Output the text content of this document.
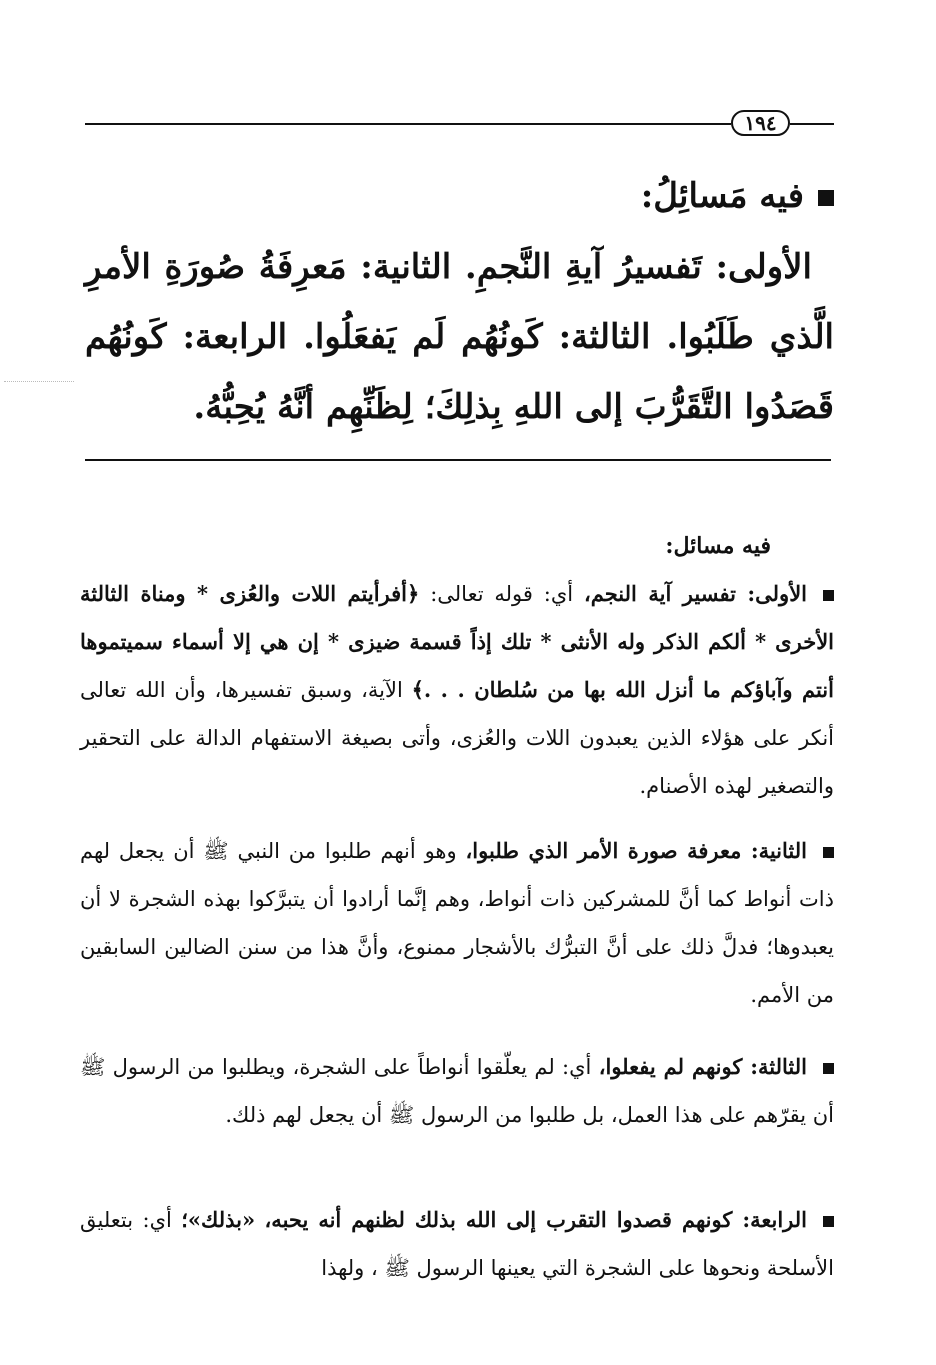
١٩٤
فيه مَسائِلُ:
الأولى: تَفسيرُ آيةِ النَّجمِ. الثانية: مَعرِفَةُ صُورَةِ الأمرِ الَّذي طَلَبُوا. الثالثة: كَونُهُم لَم يَفعَلُوا. الرابعة: كَونُهُم قَصَدُوا التَّقَرُّبَ إلى اللهِ بِذلِكَ؛ لِظَنِّهِم أنَّهُ يُحِبُّهُ.
فيه مسائل:
الأولى: تفسير آية النجم، أي: قوله تعالى: ﴿أفرأيتم اللات والعُزى * ومناة الثالثة الأخرى * ألكم الذكر وله الأنثى * تلك إذاً قسمة ضيزى * إن هي إلا أسماء سميتموها أنتم وآباؤكم ما أنزل الله بها من سُلطان . . .﴾ الآية، وسبق تفسيرها، وأن الله تعالى أنكر على هؤلاء الذين يعبدون اللات والعُزى، وأتى بصيغة الاستفهام الدالة على التحقير والتصغير لهذه الأصنام.
الثانية: معرفة صورة الأمر الذي طلبوا، وهو أنهم طلبوا من النبي ﷺ أن يجعل لهم ذات أنواط كما أنَّ للمشركين ذات أنواط، وهم إنَّما أرادوا أن يتبرَّكوا بهذه الشجرة لا أن يعبدوها؛ فدلَّ ذلك على أنَّ التبرُّك بالأشجار ممنوع، وأنَّ هذا من سنن الضالين السابقين من الأمم.
الثالثة: كونهم لم يفعلوا، أي: لم يعلّقوا أنواطاً على الشجرة، ويطلبوا من الرسول ﷺ أن يقرّهم على هذا العمل، بل طلبوا من الرسول ﷺ أن يجعل لهم ذلك.
الرابعة: كونهم قصدوا التقرب إلى الله بذلك لظنهم أنه يحبه، «بذلك»؛ أي: بتعليق الأسلحة ونحوها على الشجرة التي يعينها الرسول ﷺ ، ولهذا
